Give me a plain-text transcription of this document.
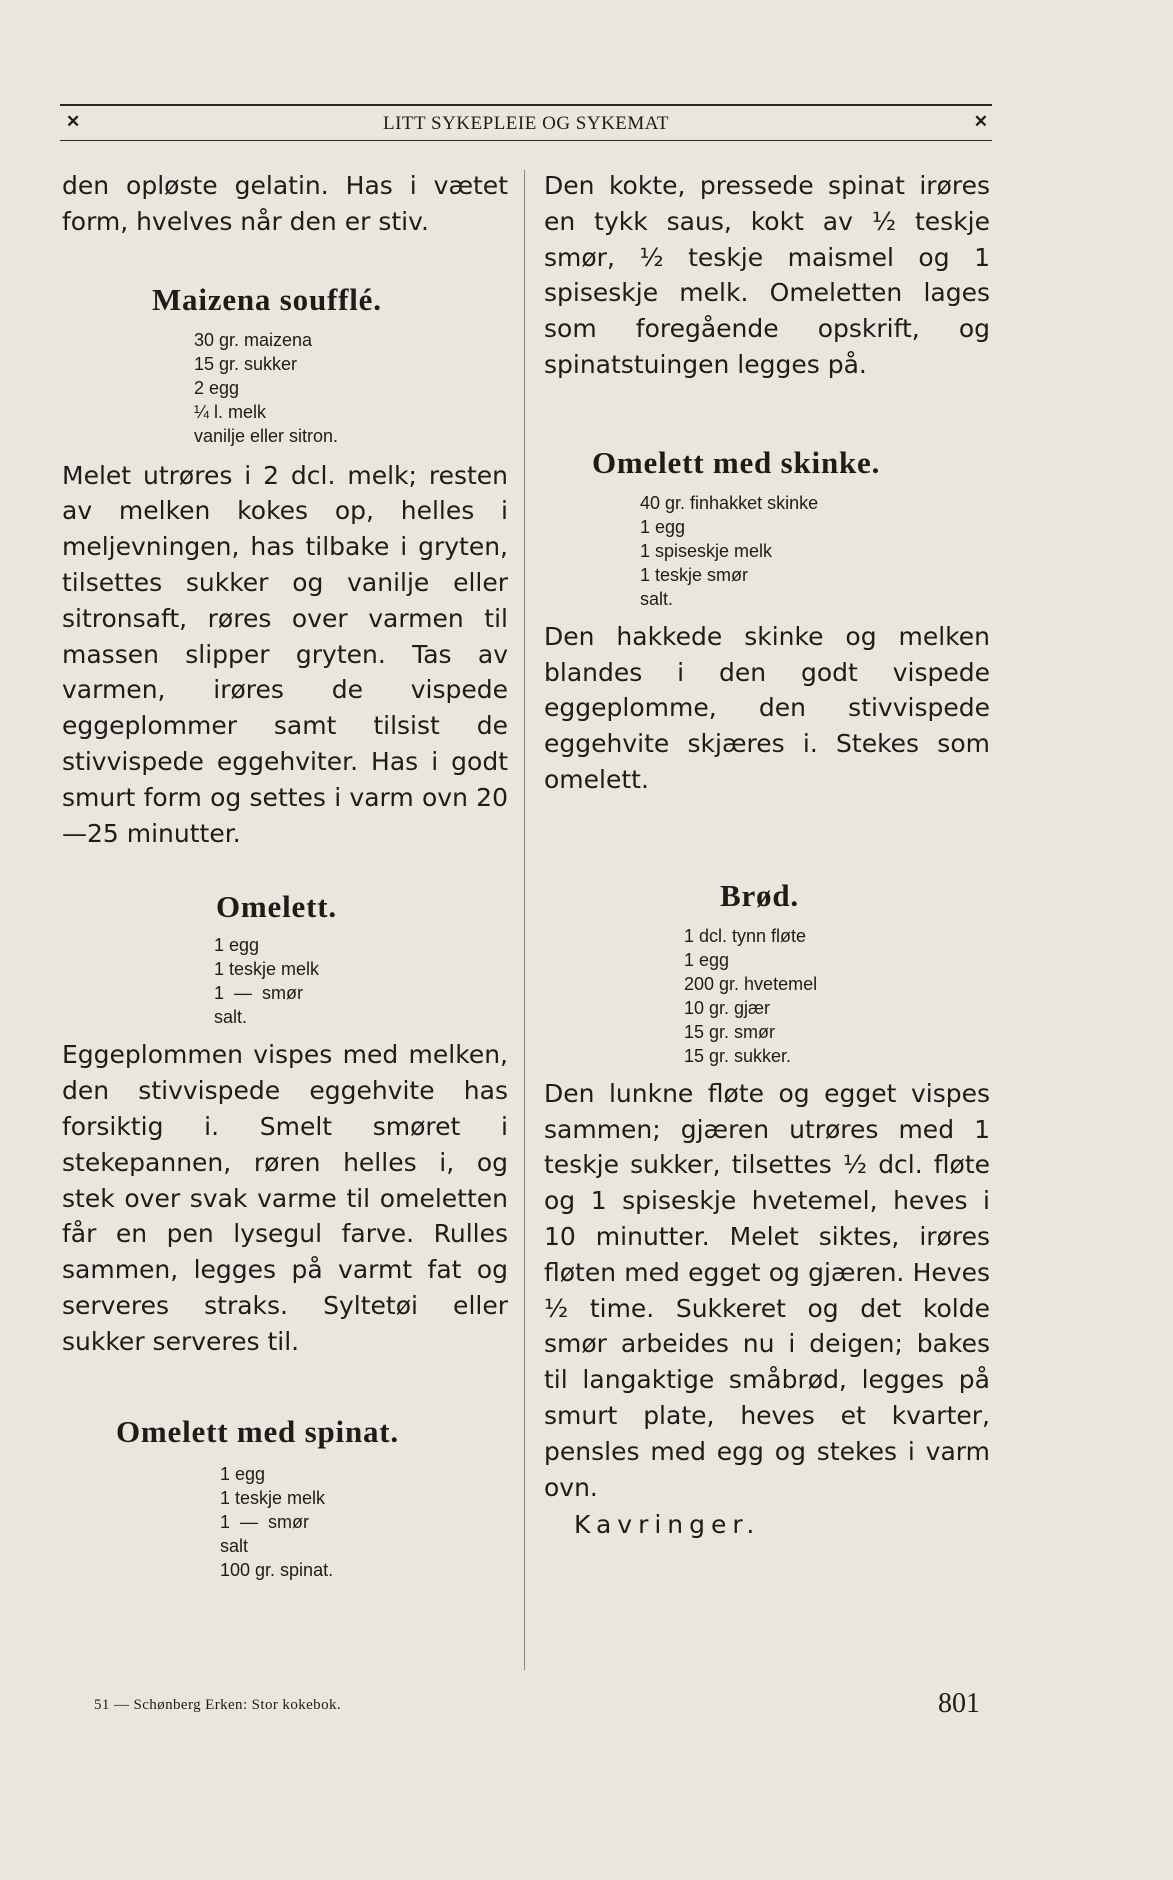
✕	LITT SYKEPLEIE OG SYKEMAT	✕

den opløste gelatin. Has i vætet form, hvelves når den er stiv.

Maizena soufflé.
30 gr. maizena
15 gr. sukker
2 egg
¼ l. melk
vanilje eller sitron.

Melet utrøres i 2 dcl. melk; resten av melken kokes op, helles i meljevningen, has tilbake i gryten, tilsettes sukker og vanilje eller sitronsaft, røres over varmen til massen slipper gryten. Tas av varmen, irøres de vispede eggeplommer samt tilsist de stivvispede eggehviter. Has i godt smurt form og settes i varm ovn 20—25 minutter.

Omelett.
1 egg
1 teskje melk
1  —  smør
salt.

Eggeplommen vispes med melken, den stivvispede eggehvite has forsiktig i. Smelt smøret i stekepannen, røren helles i, og stek over svak varme til omeletten får en pen lysegul farve. Rulles sammen, legges på varmt fat og serveres straks. Syltetøi eller sukker serveres til.

Omelett med spinat.
1 egg
1 teskje melk
1  —  smør
salt
100 gr. spinat.

Den kokte, pressede spinat irøres en tykk saus, kokt av ½ teskje smør, ½ teskje maismel og 1 spiseskje melk. Omeletten lages som foregående opskrift, og spinatstuingen legges på.

Omelett med skinke.
40 gr. finhakket skinke
1 egg
1 spiseskje melk
1 teskje smør
salt.

Den hakkede skinke og melken blandes i den godt vispede eggeplomme, den stivvispede eggehvite skjæres i. Stekes som omelett.

Brød.
1 dcl. tynn fløte
1 egg
200 gr. hvetemel
10 gr. gjær
15 gr. smør
15 gr. sukker.

Den lunkne fløte og egget vispes sammen; gjæren utrøres med 1 teskje sukker, tilsettes ½ dcl. fløte og 1 spiseskje hvetemel, heves i 10 minutter. Melet siktes, irøres fløten med egget og gjæren. Heves ½ time. Sukkeret og det kolde smør arbeides nu i deigen; bakes til langaktige småbrød, legges på smurt plate, heves et kvarter, pensles med egg og stekes i varm ovn.

Kavringer.

51 — Schønberg Erken: Stor kokebok.	801
